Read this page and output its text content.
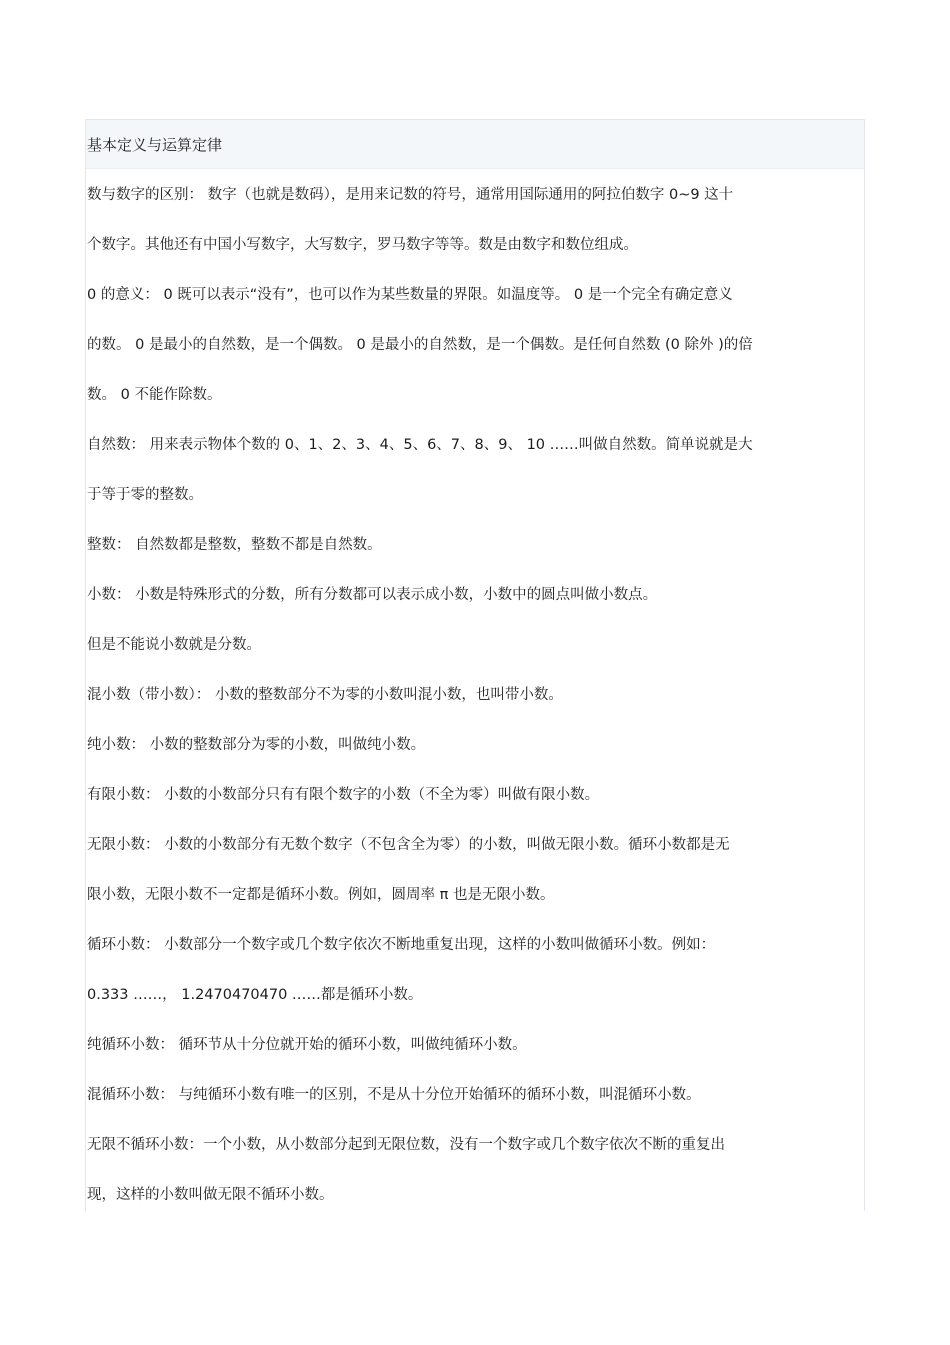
基本定义与运算定律
数与数字的区别： 数字（也就是数码），是用来记数的符号，通常用国际通用的阿拉伯数字 0~9 这十
个数字。其他还有中国小写数字，大写数字，罗马数字等等。数是由数字和数位组成。
0 的意义： 0 既可以表示“没有”，也可以作为某些数量的界限。如温度等。 0 是一个完全有确定意义
的数。 0 是最小的自然数，是一个偶数。 0 是最小的自然数，是一个偶数。是任何自然数 (0 除外 )的倍
数。 0 不能作除数。
自然数： 用来表示物体个数的 0、1、2、3、4、5、6、7、8、9、 10 ……叫做自然数。简单说就是大
于等于零的整数。
整数： 自然数都是整数，整数不都是自然数。
小数： 小数是特殊形式的分数，所有分数都可以表示成小数，小数中的圆点叫做小数点。
但是不能说小数就是分数。
混小数（带小数）： 小数的整数部分不为零的小数叫混小数，也叫带小数。
纯小数： 小数的整数部分为零的小数，叫做纯小数。
有限小数： 小数的小数部分只有有限个数字的小数（不全为零）叫做有限小数。
无限小数： 小数的小数部分有无数个数字（不包含全为零）的小数，叫做无限小数。循环小数都是无
限小数，无限小数不一定都是循环小数。例如，圆周率 π 也是无限小数。
循环小数： 小数部分一个数字或几个数字依次不断地重复出现，这样的小数叫做循环小数。例如：
0.333 ……， 1.2470470470 ……都是循环小数。
纯循环小数： 循环节从十分位就开始的循环小数，叫做纯循环小数。
混循环小数： 与纯循环小数有唯一的区别，不是从十分位开始循环的循环小数，叫混循环小数。
无限不循环小数：一个小数，从小数部分起到无限位数，没有一个数字或几个数字依次不断的重复出
现，这样的小数叫做无限不循环小数。
